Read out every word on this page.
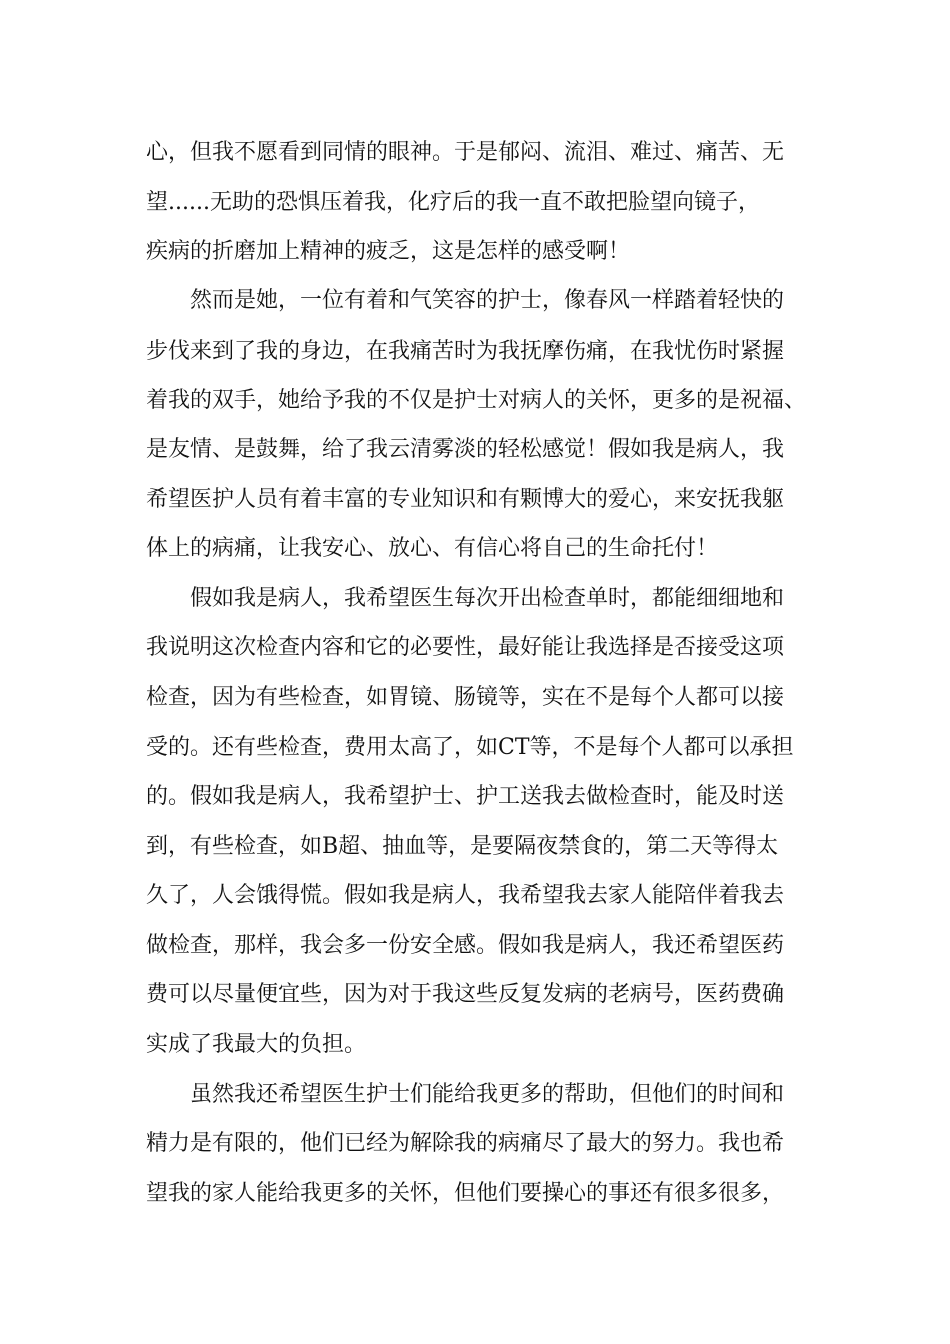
心，但我不愿看到同情的眼神。于是郁闷、流泪、难过、痛苦、无
望......无助的恐惧压着我，化疗后的我一直不敢把脸望向镜子，
疾病的折磨加上精神的疲乏，这是怎样的感受啊！
然而是她，一位有着和气笑容的护士，像春风一样踏着轻快的
步伐来到了我的身边，在我痛苦时为我抚摩伤痛，在我忧伤时紧握
着我的双手，她给予我的不仅是护士对病人的关怀，更多的是祝福、
是友情、是鼓舞，给了我云清雾淡的轻松感觉！假如我是病人，我
希望医护人员有着丰富的专业知识和有颗博大的爱心，来安抚我躯
体上的病痛，让我安心、放心、有信心将自己的生命托付！
假如我是病人，我希望医生每次开出检查单时，都能细细地和
我说明这次检查内容和它的必要性，最好能让我选择是否接受这项
检查，因为有些检查，如胃镜、肠镜等，实在不是每个人都可以接
受的。还有些检查，费用太高了，如CT等，不是每个人都可以承担
的。假如我是病人，我希望护士、护工送我去做检查时，能及时送
到，有些检查，如B超、抽血等，是要隔夜禁食的，第二天等得太
久了，人会饿得慌。假如我是病人，我希望我去家人能陪伴着我去
做检查，那样，我会多一份安全感。假如我是病人，我还希望医药
费可以尽量便宜些，因为对于我这些反复发病的老病号，医药费确
实成了我最大的负担。
虽然我还希望医生护士们能给我更多的帮助，但他们的时间和
精力是有限的，他们已经为解除我的病痛尽了最大的努力。我也希
望我的家人能给我更多的关怀，但他们要操心的事还有很多很多，
